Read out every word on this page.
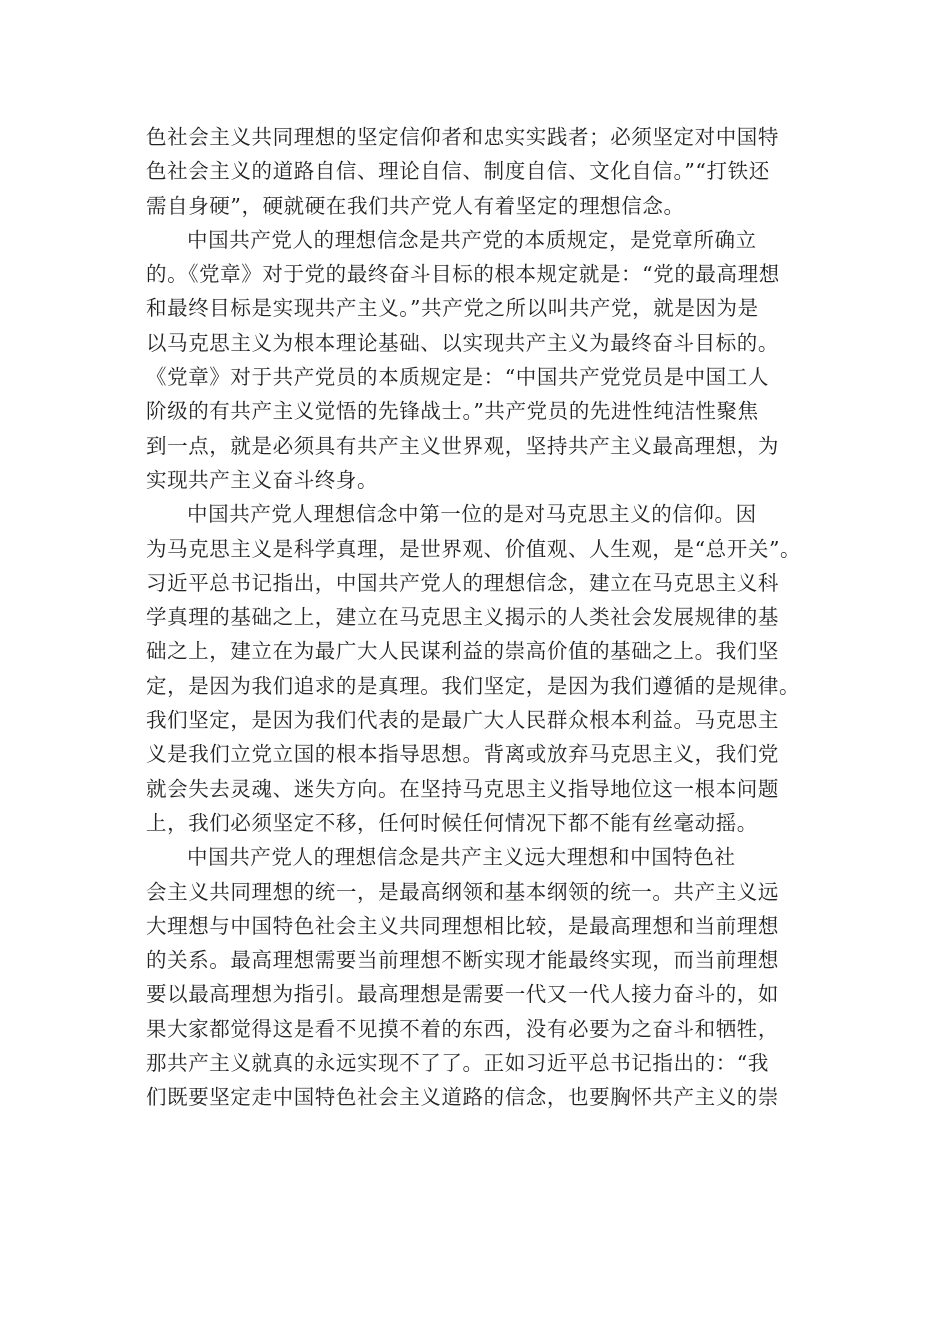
色社会主义共同理想的坚定信仰者和忠实实践者；必须坚定对中国特
色社会主义的道路自信、理论自信、制度自信、文化自信。”“打铁还
需自身硬”，硬就硬在我们共产党人有着坚定的理想信念。
中国共产党人的理想信念是共产党的本质规定，是党章所确立
的。《党章》对于党的最终奋斗目标的根本规定就是：“党的最高理想
和最终目标是实现共产主义。”共产党之所以叫共产党，就是因为是
以马克思主义为根本理论基础、以实现共产主义为最终奋斗目标的。
《党章》对于共产党员的本质规定是：“中国共产党党员是中国工人
阶级的有共产主义觉悟的先锋战士。”共产党员的先进性纯洁性聚焦
到一点，就是必须具有共产主义世界观，坚持共产主义最高理想，为
实现共产主义奋斗终身。
中国共产党人理想信念中第一位的是对马克思主义的信仰。因
为马克思主义是科学真理，是世界观、价值观、人生观，是“总开关”。
习近平总书记指出，中国共产党人的理想信念，建立在马克思主义科
学真理的基础之上，建立在马克思主义揭示的人类社会发展规律的基
础之上，建立在为最广大人民谋利益的崇高价值的基础之上。我们坚
定，是因为我们追求的是真理。我们坚定，是因为我们遵循的是规律。
我们坚定，是因为我们代表的是最广大人民群众根本利益。马克思主
义是我们立党立国的根本指导思想。背离或放弃马克思主义，我们党
就会失去灵魂、迷失方向。在坚持马克思主义指导地位这一根本问题
上，我们必须坚定不移，任何时候任何情况下都不能有丝毫动摇。
中国共产党人的理想信念是共产主义远大理想和中国特色社
会主义共同理想的统一，是最高纲领和基本纲领的统一。共产主义远
大理想与中国特色社会主义共同理想相比较，是最高理想和当前理想
的关系。最高理想需要当前理想不断实现才能最终实现，而当前理想
要以最高理想为指引。最高理想是需要一代又一代人接力奋斗的，如
果大家都觉得这是看不见摸不着的东西，没有必要为之奋斗和牺牲，
那共产主义就真的永远实现不了了。正如习近平总书记指出的：“我
们既要坚定走中国特色社会主义道路的信念，也要胸怀共产主义的崇
